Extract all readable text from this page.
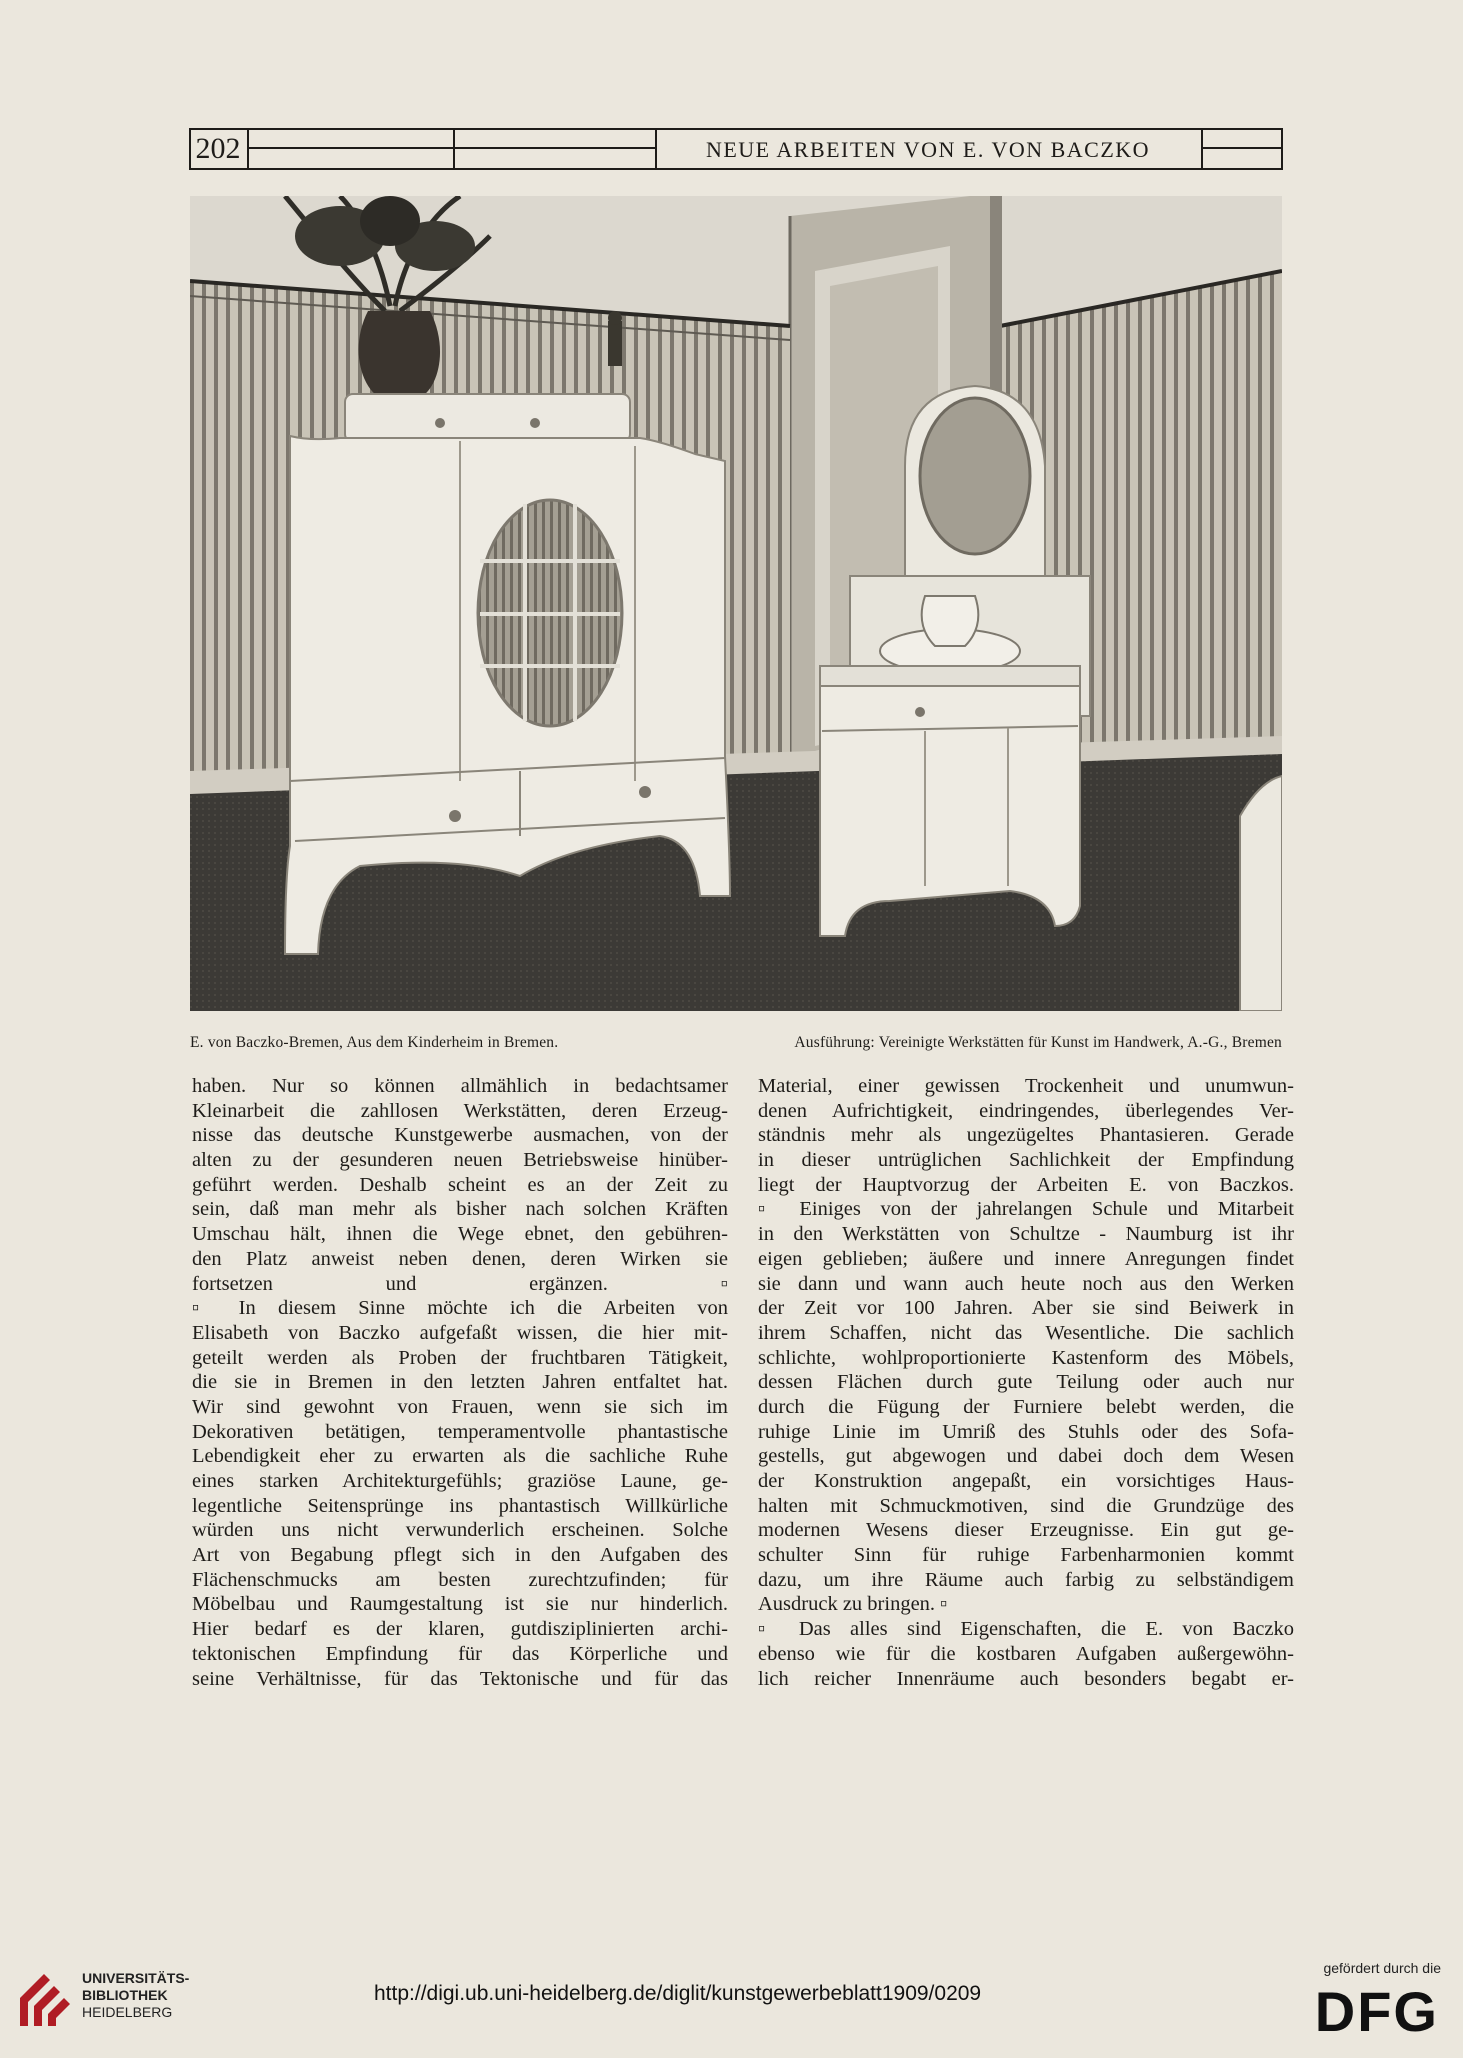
202	NEUE ARBEITEN VON E. VON BACZKO
E. von Baczko-Bremen, Aus dem Kinderheim in Bremen.	Ausführung: Vereinigte Werkstätten für Kunst im Handwerk, A.-G., Bremen
haben. Nur so können allmählich in bedachtsamer
Kleinarbeit die zahllosen Werkstätten, deren Erzeug-
nisse das deutsche Kunstgewerbe ausmachen, von der
alten zu der gesunderen neuen Betriebsweise hinüber-
geführt werden. Deshalb scheint es an der Zeit zu
sein, daß man mehr als bisher nach solchen Kräften
Umschau hält, ihnen die Wege ebnet, den gebühren-
den Platz anweist neben denen, deren Wirken sie
fortsetzen und ergänzen. ▫
▫ In diesem Sinne möchte ich die Arbeiten von
Elisabeth von Baczko aufgefaßt wissen, die hier mit-
geteilt werden als Proben der fruchtbaren Tätigkeit,
die sie in Bremen in den letzten Jahren entfaltet hat.
Wir sind gewohnt von Frauen, wenn sie sich im
Dekorativen betätigen, temperamentvolle phantastische
Lebendigkeit eher zu erwarten als die sachliche Ruhe
eines starken Architekturgefühls; graziöse Laune, ge-
legentliche Seitensprünge ins phantastisch Willkürliche
würden uns nicht verwunderlich erscheinen. Solche
Art von Begabung pflegt sich in den Aufgaben des
Flächenschmucks am besten zurechtzufinden; für
Möbelbau und Raumgestaltung ist sie nur hinderlich.
Hier bedarf es der klaren, gutdisziplinierten archi-
tektonischen Empfindung für das Körperliche und
seine Verhältnisse, für das Tektonische und für das
Material, einer gewissen Trockenheit und unumwun-
denen Aufrichtigkeit, eindringendes, überlegendes Ver-
ständnis mehr als ungezügeltes Phantasieren. Gerade
in dieser untrüglichen Sachlichkeit der Empfindung
liegt der Hauptvorzug der Arbeiten E. von Baczkos.
▫ Einiges von der jahrelangen Schule und Mitarbeit
in den Werkstätten von Schultze - Naumburg ist ihr
eigen geblieben; äußere und innere Anregungen findet
sie dann und wann auch heute noch aus den Werken
der Zeit vor 100 Jahren. Aber sie sind Beiwerk in
ihrem Schaffen, nicht das Wesentliche. Die sachlich
schlichte, wohlproportionierte Kastenform des Möbels,
dessen Flächen durch gute Teilung oder auch nur
durch die Fügung der Furniere belebt werden, die
ruhige Linie im Umriß des Stuhls oder des Sofa-
gestells, gut abgewogen und dabei doch dem Wesen
der Konstruktion angepaßt, ein vorsichtiges Haus-
halten mit Schmuckmotiven, sind die Grundzüge des
modernen Wesens dieser Erzeugnisse. Ein gut ge-
schulter Sinn für ruhige Farbenharmonien kommt
dazu, um ihre Räume auch farbig zu selbständigem
Ausdruck zu bringen. ▫
▫ Das alles sind Eigenschaften, die E. von Baczko
ebenso wie für die kostbaren Aufgaben außergewöhn-
lich reicher Innenräume auch besonders begabt er-
UNIVERSITÄTS-
BIBLIOTHEK
HEIDELBERG
http://digi.ub.uni-heidelberg.de/diglit/kunstgewerbeblatt1909/0209
gefördert durch die
DFG
